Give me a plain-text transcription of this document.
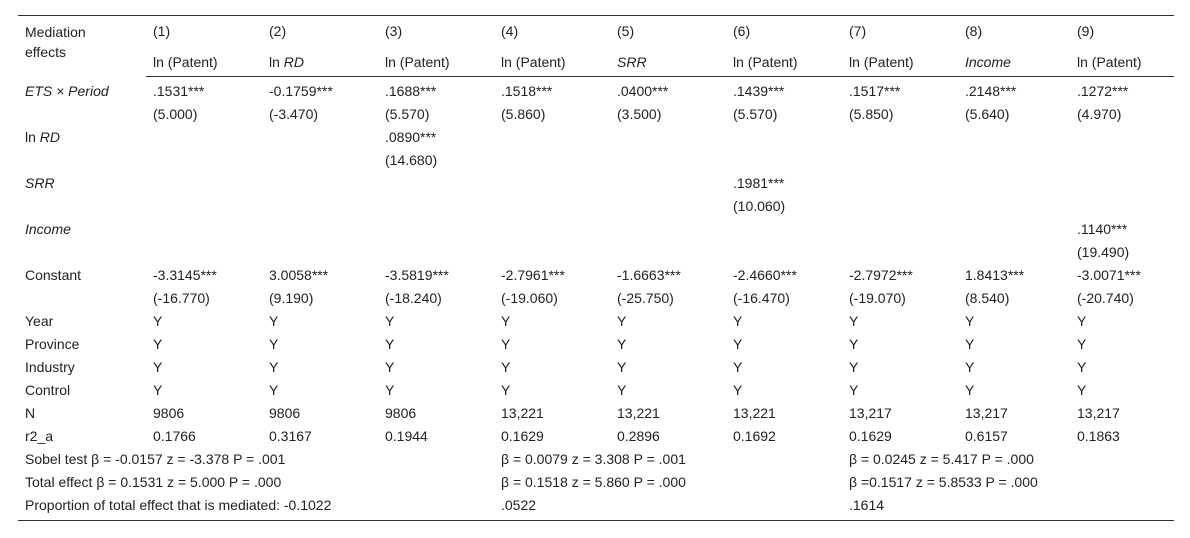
Mediation
effects	(1)	(2)	(3)	(4)	(5)	(6)	(7)	(8)	(9)
	ln (Patent)	ln RD	ln (Patent)	ln (Patent)	SRR	ln (Patent)	ln (Patent)	Income	ln (Patent)
ETS × Period	.1531***	-0.1759***	.1688***	.1518***	.0400***	.1439***	.1517***	.2148***	.1272***
	(5.000)	(-3.470)	(5.570)	(5.860)	(3.500)	(5.570)	(5.850)	(5.640)	(4.970)
ln RD			.0890***						
			(14.680)						
SRR						.1981***			
						(10.060)			
Income									.1140***
									(19.490)
Constant	-3.3145***	3.0058***	-3.5819***	-2.7961***	-1.6663***	-2.4660***	-2.7972***	1.8413***	-3.0071***
	(-16.770)	(9.190)	(-18.240)	(-19.060)	(-25.750)	(-16.470)	(-19.070)	(8.540)	(-20.740)
Year	Y	Y	Y	Y	Y	Y	Y	Y	Y
Province	Y	Y	Y	Y	Y	Y	Y	Y	Y
Industry	Y	Y	Y	Y	Y	Y	Y	Y	Y
Control	Y	Y	Y	Y	Y	Y	Y	Y	Y
N	9806	9806	9806	13,221	13,221	13,221	13,217	13,217	13,217
r2_a	0.1766	0.3167	0.1944	0.1629	0.2896	0.1692	0.1629	0.6157	0.1863
Sobel test β = -0.0157 z = -3.378 P = .001				β = 0.0079 z = 3.308 P = .001			β = 0.0245 z = 5.417 P = .000		
Total effect β = 0.1531 z = 5.000 P = .000				β = 0.1518 z = 5.860 P = .000			β =0.1517 z = 5.8533 P = .000		
Proportion of total effect that is mediated: -0.1022				.0522			.1614		
